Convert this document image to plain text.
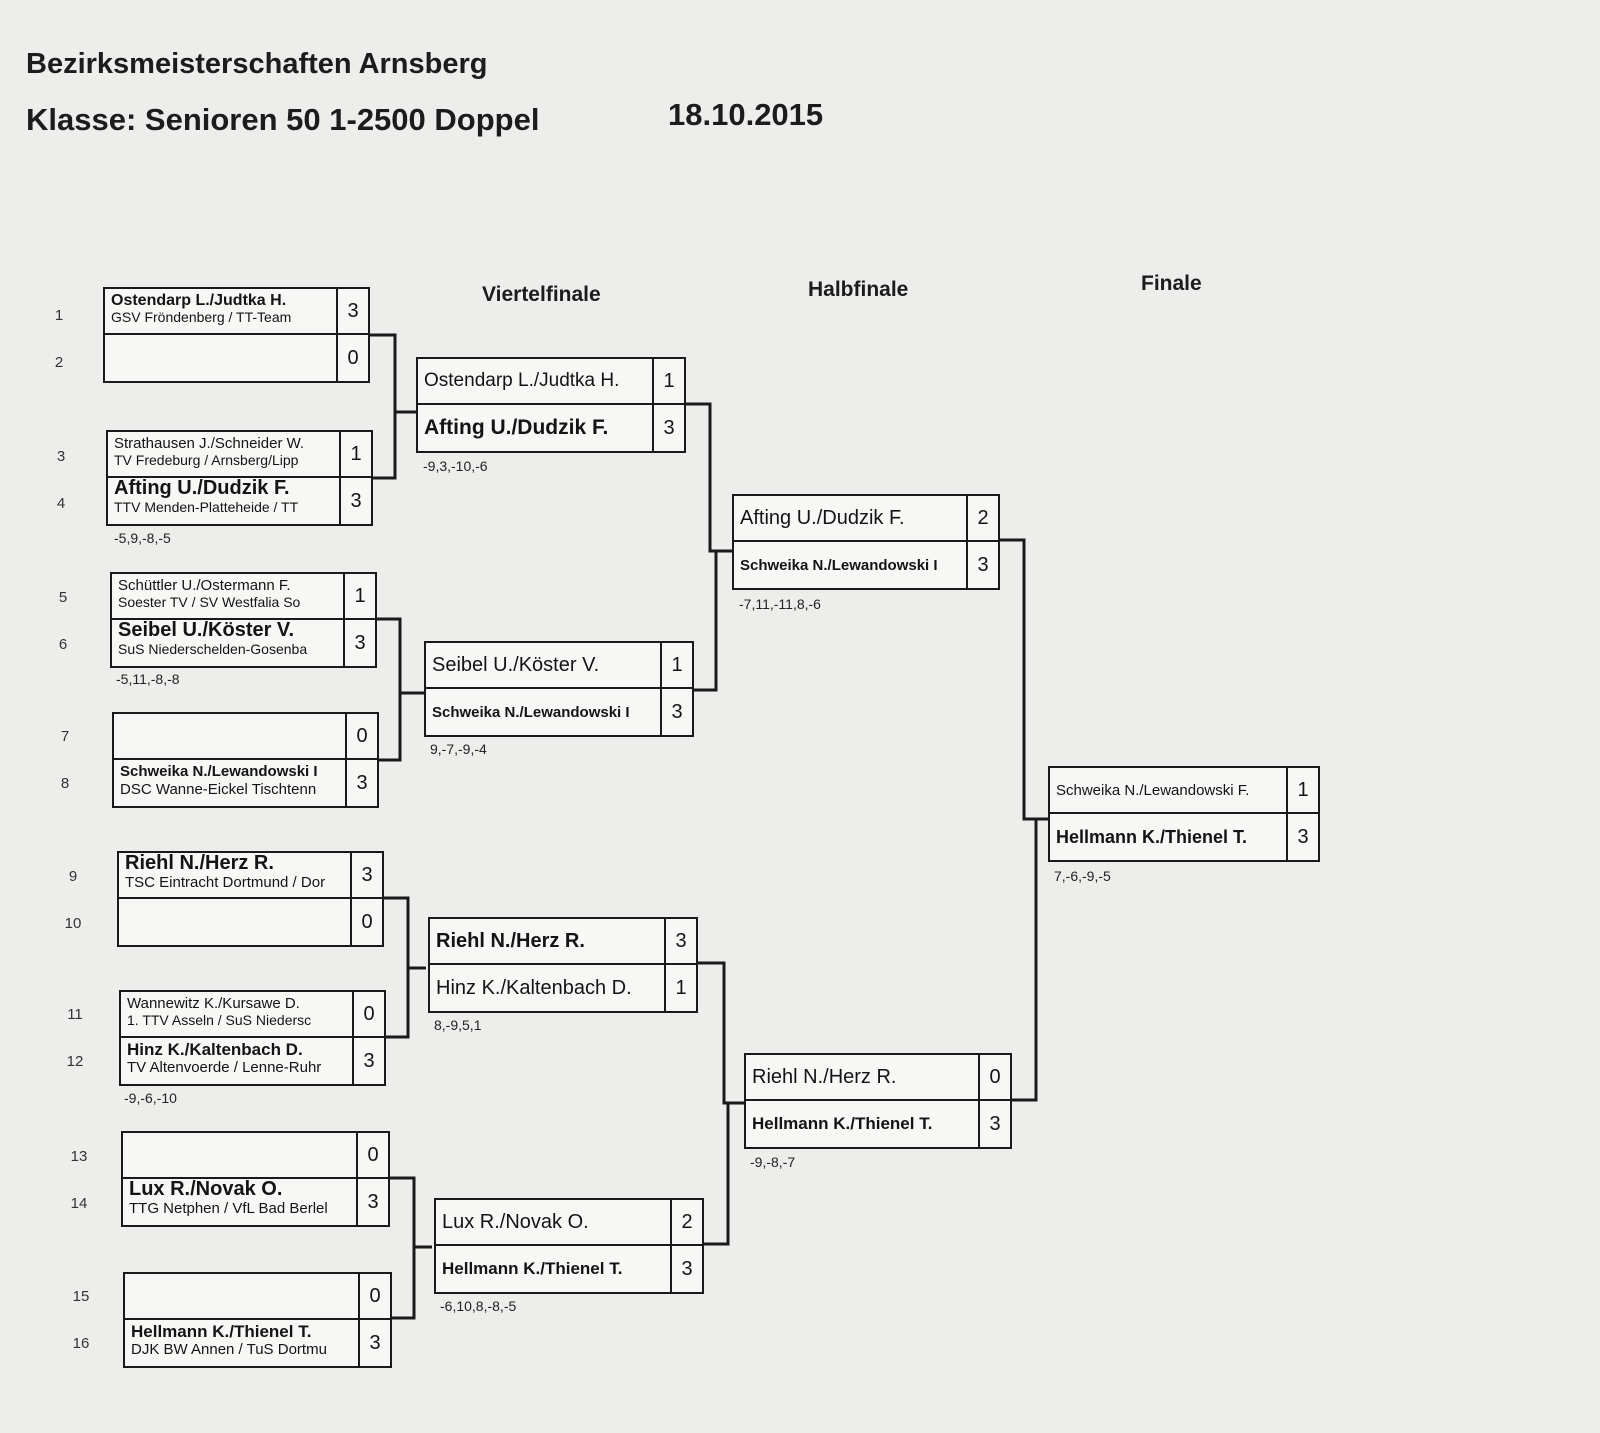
Bezirksmeisterschaften Arnsberg
Klasse: Senioren 50 1-2500 Doppel	18.10.2015
Viertelfinale	Halbfinale	Finale
1
2
Ostendarp L./Judtka H.
GSV Fröndenberg / TT-Team	3
0
3
4
Strathausen J./Schneider W.
TV Fredeburg / Arnsberg/Lipp	1
Afting U./Dudzik F.
TTV Menden-Platteheide / TT	3
-5,9,-8,-5
5
6
Schüttler U./Ostermann F.
Soester TV / SV Westfalia So	1
Seibel U./Köster V.
SuS Niederschelden-Gosenba	3
-5,11,-8,-8
7
8
0
Schweika N./Lewandowski I
DSC Wanne-Eickel Tischtenn	3
9
10
Riehl N./Herz R.
TSC Eintracht Dortmund / Dor	3
0
11
12
Wannewitz K./Kursawe D.
1. TTV Asseln / SuS Niedersc	0
Hinz K./Kaltenbach D.
TV Altenvoerde / Lenne-Ruhr	3
-9,-6,-10
13
14
0
Lux R./Novak O.
TTG Netphen / VfL Bad Berlel	3
15
16
0
Hellmann K./Thienel T.
DJK BW Annen / TuS Dortmu	3
Ostendarp L./Judtka H.	1
Afting U./Dudzik F.	3
-9,3,-10,-6
Seibel U./Köster V.	1
Schweika N./Lewandowski I	3
9,-7,-9,-4
Riehl N./Herz R.	3
Hinz K./Kaltenbach D.	1
8,-9,5,1
Lux R./Novak O.	2
Hellmann K./Thienel T.	3
-6,10,8,-8,-5
Afting U./Dudzik F.	2
Schweika N./Lewandowski I	3
-7,11,-11,8,-6
Riehl N./Herz R.	0
Hellmann K./Thienel T.	3
-9,-8,-7
Schweika N./Lewandowski F.	1
Hellmann K./Thienel T.	3
7,-6,-9,-5
